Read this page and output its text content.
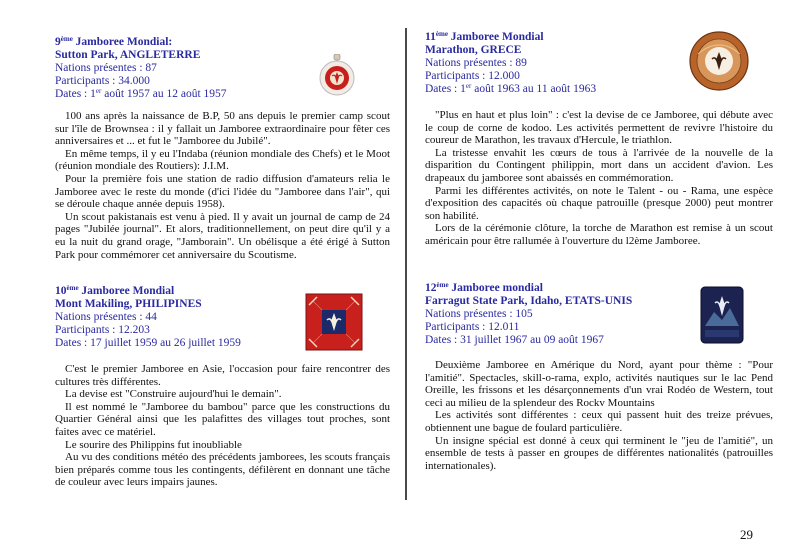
9ème Jamboree Mondial:
Sutton Park, ANGLETERRE
Nations présentes : 87
Participants : 34.000
Dates : 1er août 1957 au 12 août 1957

100 ans après la naissance de B.P, 50 ans depuis le premier camp scout sur l'île de Brownsea : il y fallait un Jamboree extraordinaire pour fêter ces anniversaires et ... et fut le "Jamboree du Jubilé".

En même temps, il y eu l'Indaba (réunion mondiale des Chefs) et le Moot (réunion mondiale des Routiers): J.I.M.

Pour la première fois une station de radio diffusion d'amateurs relia le Jamboree avec le reste du monde (d'ici l'idée du "Jamboree dans l'air", qui se déroule chaque année depuis 1958).

Un scout pakistanais est venu à pied. Il y avait un journal de camp de 24 pages "Jubilée journal". Et alors, traditionnellement, on peut dire qu'il y a eu la nuit du grand orage, "Jamborain". Un obélisque a été érigé à Sutton Park pour commémorer cet anniversaire du Scoutisme.

10ème Jamboree Mondial
Mont Makiling, PHILIPINES
Nations présentes : 44
Participants : 12.203
Dates : 17 juillet 1959 au 26 juillet 1959

C'est le premier Jamboree en Asie, l'occasion pour faire rencontrer des cultures très différentes.

La devise est "Construire aujourd'hui le demain".

Il est nommé le "Jamboree du bambou" parce que les constructions du Quartier Général ainsi que les palafittes des villages tout proches, sont faites avec ce matériel.

Le sourire des Philippins fut inoubliable

Au vu des conditions météo des précédents jamborees, les scouts français bien préparés comme tous les contingents, défilèrent en donnant une tâche de couleur avec leurs impairs jaunes.

11ème Jamboree Mondial
Marathon, GRECE
Nations présentes : 89
Participants : 12.000
Dates : 1er août 1963 au 11 août 1963

"Plus en haut et plus loin" : c'est la devise de ce Jamboree, qui débute avec le coup de corne de kodoo. Les activités permettent de revivre l'histoire du coureur de Marathon, les travaux d'Hercule, le triathlon.

La tristesse envahit les cœurs de tous à l'arrivée de la nouvelle de la disparition du Contingent philippin, mort dans un accident d'avion. Les drapeaux du jamboree sont abaissés en commémoration.

Parmi les différentes activités, on note le Talent - ou - Rama, une espèce d'exposition des capacités où chaque patrouille (presque 2000) peut montrer son habilité.

Lors de la cérémonie clôture, la torche de Marathon est remise à un scout américain pour être rallumée à l'ouverture du l2ème Jamboree.

12ème Jamboree mondial
Farragut State Park, Idaho, ETATS-UNIS
Nations présentes : 105
Participants : 12.011
Dates : 31 juillet 1967 au 09 août 1967

Deuxième Jamboree en Amérique du Nord, ayant pour thème : "Pour l'amitié". Spectacles, skill-o-rama, explo, activités nautiques sur le lac Pend Oreille, les frissons et les désarçonnements d'un vrai Rodéo de Western, tout ceci au milieu de la splendeur des Rockv Mountains

Les activités sont différentes : ceux qui passent huit des treize prévues, obtiennent une bague de foulard particulière.

Un insigne spécial est donné à ceux qui terminent le "jeu de l'amitié", un ensemble de tests à passer en groupes de différentes nationalités (patrouilles internationales).

29
